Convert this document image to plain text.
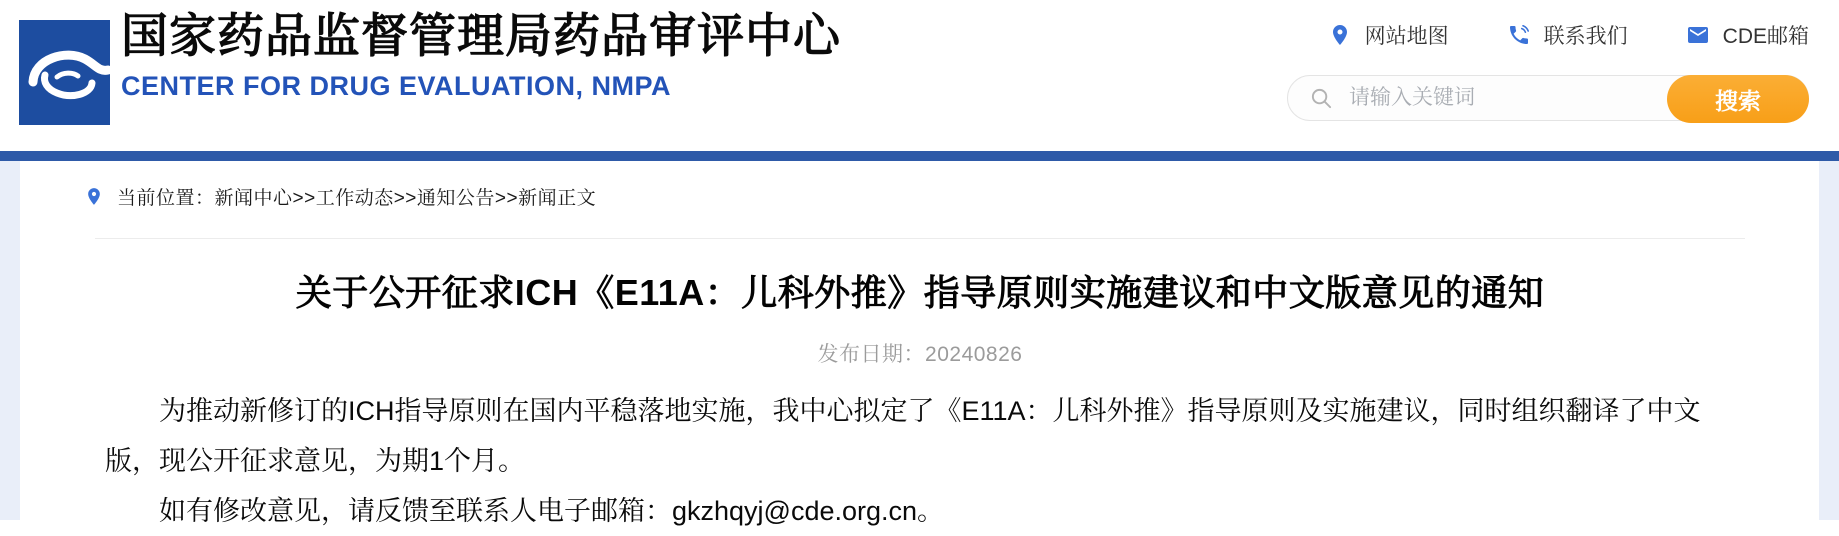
国家药品监督管理局药品审评中心
CENTER FOR DRUG EVALUATION, NMPA
网站地图	联系我们	CDE邮箱
请输入关键词
搜索
当前位置：新闻中心>>工作动态>>通知公告>>新闻正文
关于公开征求ICH《E11A：儿科外推》指导原则实施建议和中文版意见的通知
发布日期：20240826

为推动新修订的ICH指导原则在国内平稳落地实施，我中心拟定了《E11A：儿科外推》指导原则及实施建议，同时组织翻译了中文版，现公开征求意见，为期1个月。

如有修改意见，请反馈至联系人电子邮箱：gkzhqyj@cde.org.cn。
